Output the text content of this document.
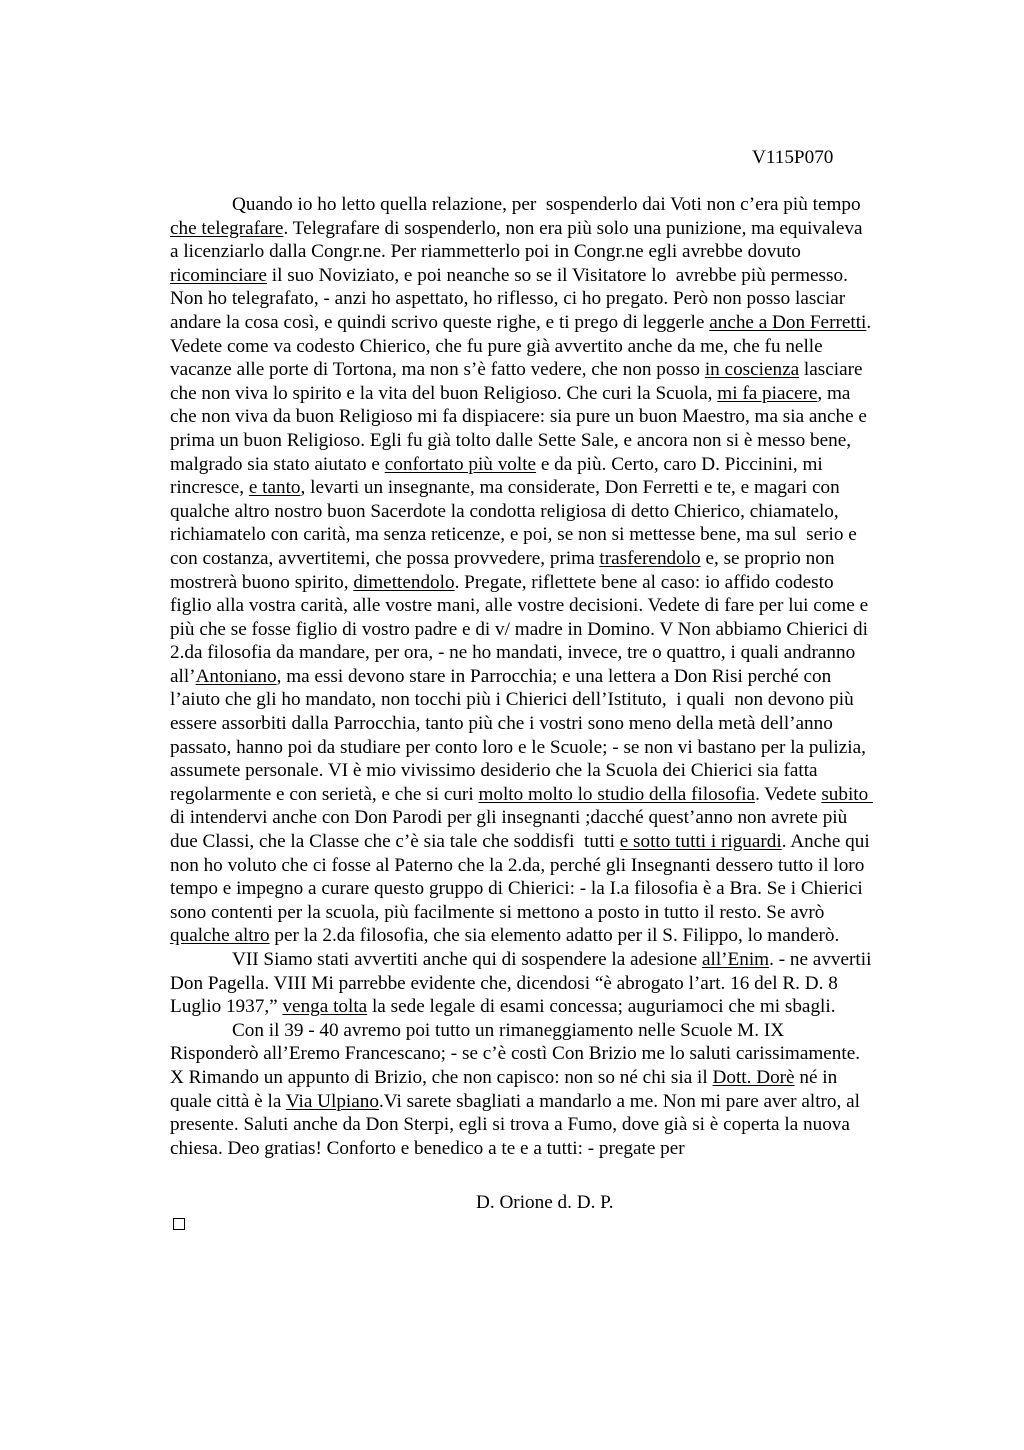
V115P070
Quando io ho letto quella relazione, per  sospenderlo dai Voti non c’era più tempo
che telegrafare. Telegrafare di sospenderlo, non era più solo una punizione, ma equivaleva
a licenziarlo dalla Congr.ne. Per riammetterlo poi in Congr.ne egli avrebbe dovuto
ricominciare il suo Noviziato, e poi neanche so se il Visitatore lo  avrebbe più permesso.
Non ho telegrafato, - anzi ho aspettato, ho riflesso, ci ho pregato. Però non posso lasciar
andare la cosa così, e quindi scrivo queste righe, e ti prego di leggerle anche a Don Ferretti.
Vedete come va codesto Chierico, che fu pure già avvertito anche da me, che fu nelle
vacanze alle porte di Tortona, ma non s’è fatto vedere, che non posso in coscienza lasciare
che non viva lo spirito e la vita del buon Religioso. Che curi la Scuola, mi fa piacere, ma
che non viva da buon Religioso mi fa dispiacere: sia pure un buon Maestro, ma sia anche e
prima un buon Religioso. Egli fu già tolto dalle Sette Sale, e ancora non si è messo bene,
malgrado sia stato aiutato e confortato più volte e da più. Certo, caro D. Piccinini, mi
rincresce, e tanto, levarti un insegnante, ma considerate, Don Ferretti e te, e magari con
qualche altro nostro buon Sacerdote la condotta religiosa di detto Chierico, chiamatelo,
richiamatelo con carità, ma senza reticenze, e poi, se non si mettesse bene, ma sul  serio e
con costanza, avvertitemi, che possa provvedere, prima trasferendolo e, se proprio non
mostrerà buono spirito, dimettendolo. Pregate, riflettete bene al caso: io affido codesto
figlio alla vostra carità, alle vostre mani, alle vostre decisioni. Vedete di fare per lui come e
più che se fosse figlio di vostro padre e di v/ madre in Domino. V Non abbiamo Chierici di
2.da filosofia da mandare, per ora, - ne ho mandati, invece, tre o quattro, i quali andranno
all’Antoniano, ma essi devono stare in Parrocchia; e una lettera a Don Risi perché con
l’aiuto che gli ho mandato, non tocchi più i Chierici dell’Istituto,  i quali  non devono più
essere assorbiti dalla Parrocchia, tanto più che i vostri sono meno della metà dell’anno
passato, hanno poi da studiare per conto loro e le Scuole; - se non vi bastano per la pulizia,
assumete personale. VI è mio vivissimo desiderio che la Scuola dei Chierici sia fatta
regolarmente e con serietà, e che si curi molto molto lo studio della filosofia. Vedete subito
di intendervi anche con Don Parodi per gli insegnanti ;dacché quest’anno non avrete più
due Classi, che la Classe che c’è sia tale che soddisfi  tutti e sotto tutti i riguardi. Anche qui
non ho voluto che ci fosse al Paterno che la 2.da, perché gli Insegnanti dessero tutto il loro
tempo e impegno a curare questo gruppo di Chierici: - la I.a filosofia è a Bra. Se i Chierici
sono contenti per la scuola, più facilmente si mettono a posto in tutto il resto. Se avrò
qualche altro per la 2.da filosofia, che sia elemento adatto per il S. Filippo, lo manderò.
VII Siamo stati avvertiti anche qui di sospendere la adesione all’Enim. - ne avvertii
Don Pagella. VIII Mi parrebbe evidente che, dicendosi “è abrogato l’art. 16 del R. D. 8
Luglio 1937,” venga tolta la sede legale di esami concessa; auguriamoci che mi sbagli.
Con il 39 - 40 avremo poi tutto un rimaneggiamento nelle Scuole M. IX
Risponderò all’Eremo Francescano; - se c’è costì Con Brizio me lo saluti carissimamente.
X Rimando un appunto di Brizio, che non capisco: non so né chi sia il Dott. Dorè né in
quale città è la Via Ulpiano.Vi sarete sbagliati a mandarlo a me. Non mi pare aver altro, al
presente. Saluti anche da Don Sterpi, egli si trova a Fumo, dove già si è coperta la nuova
chiesa. Deo gratias! Conforto e benedico a te e a tutti: - pregate per
D. Orione d. D. P.
